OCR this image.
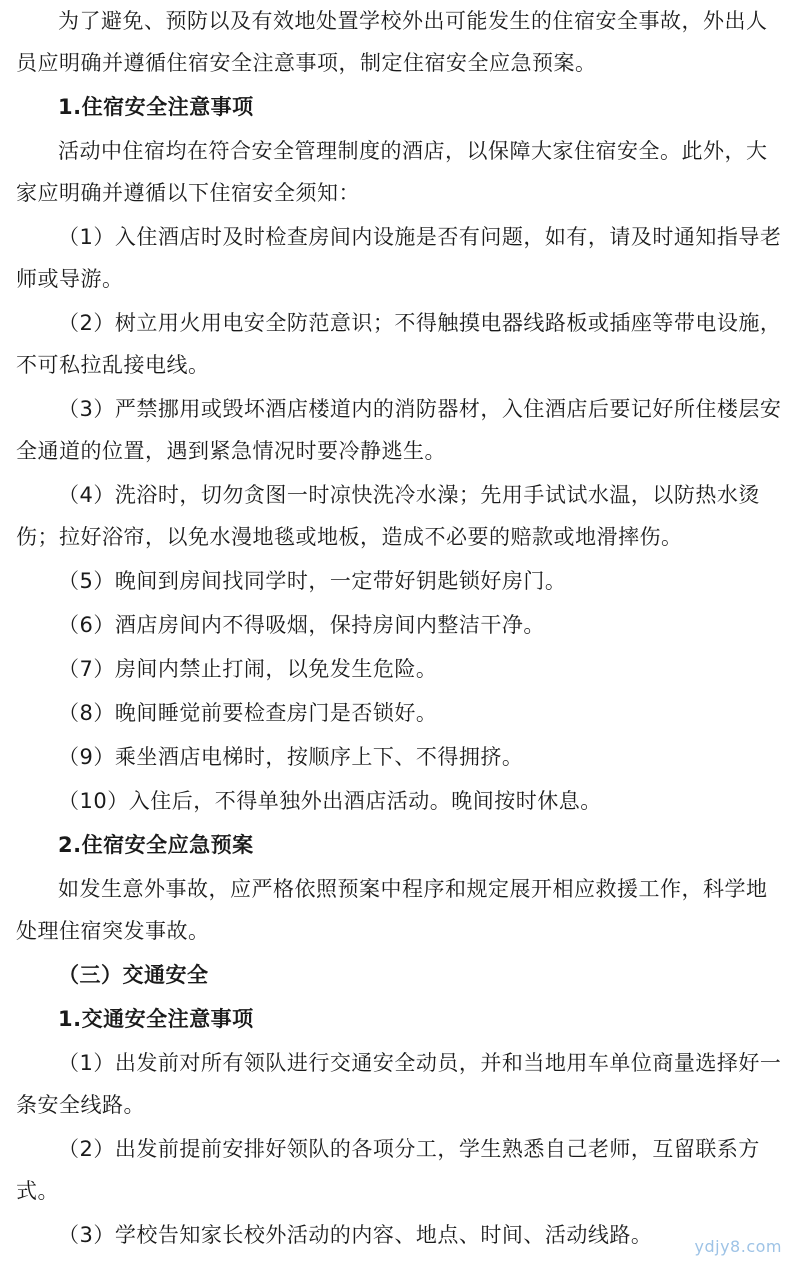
为了避免、预防以及有效地处置学校外出可能发生的住宿安全事故，外出人员应明确并遵循住宿安全注意事项，制定住宿安全应急预案。

1.住宿安全注意事项

活动中住宿均在符合安全管理制度的酒店，以保障大家住宿安全。此外，大家应明确并遵循以下住宿安全须知：

（1）入住酒店时及时检查房间内设施是否有问题，如有，请及时通知指导老师或导游。

（2）树立用火用电安全防范意识；不得触摸电器线路板或插座等带电设施，不可私拉乱接电线。

（3）严禁挪用或毁坏酒店楼道内的消防器材，入住酒店后要记好所住楼层安全通道的位置，遇到紧急情况时要冷静逃生。

（4）洗浴时，切勿贪图一时凉快洗冷水澡；先用手试试水温，以防热水烫伤；拉好浴帘，以免水漫地毯或地板，造成不必要的赔款或地滑摔伤。

（5）晚间到房间找同学时，一定带好钥匙锁好房门。

（6）酒店房间内不得吸烟，保持房间内整洁干净。

（7）房间内禁止打闹，以免发生危险。

（8）晚间睡觉前要检查房门是否锁好。

（9）乘坐酒店电梯时，按顺序上下、不得拥挤。

（10）入住后，不得单独外出酒店活动。晚间按时休息。

2.住宿安全应急预案

如发生意外事故，应严格依照预案中程序和规定展开相应救援工作，科学地处理住宿突发事故。

（三）交通安全

1.交通安全注意事项

（1）出发前对所有领队进行交通安全动员，并和当地用车单位商量选择好一条安全线路。

（2）出发前提前安排好领队的各项分工，学生熟悉自己老师，互留联系方式。

（3）学校告知家长校外活动的内容、地点、时间、活动线路。	ydjy8.com
